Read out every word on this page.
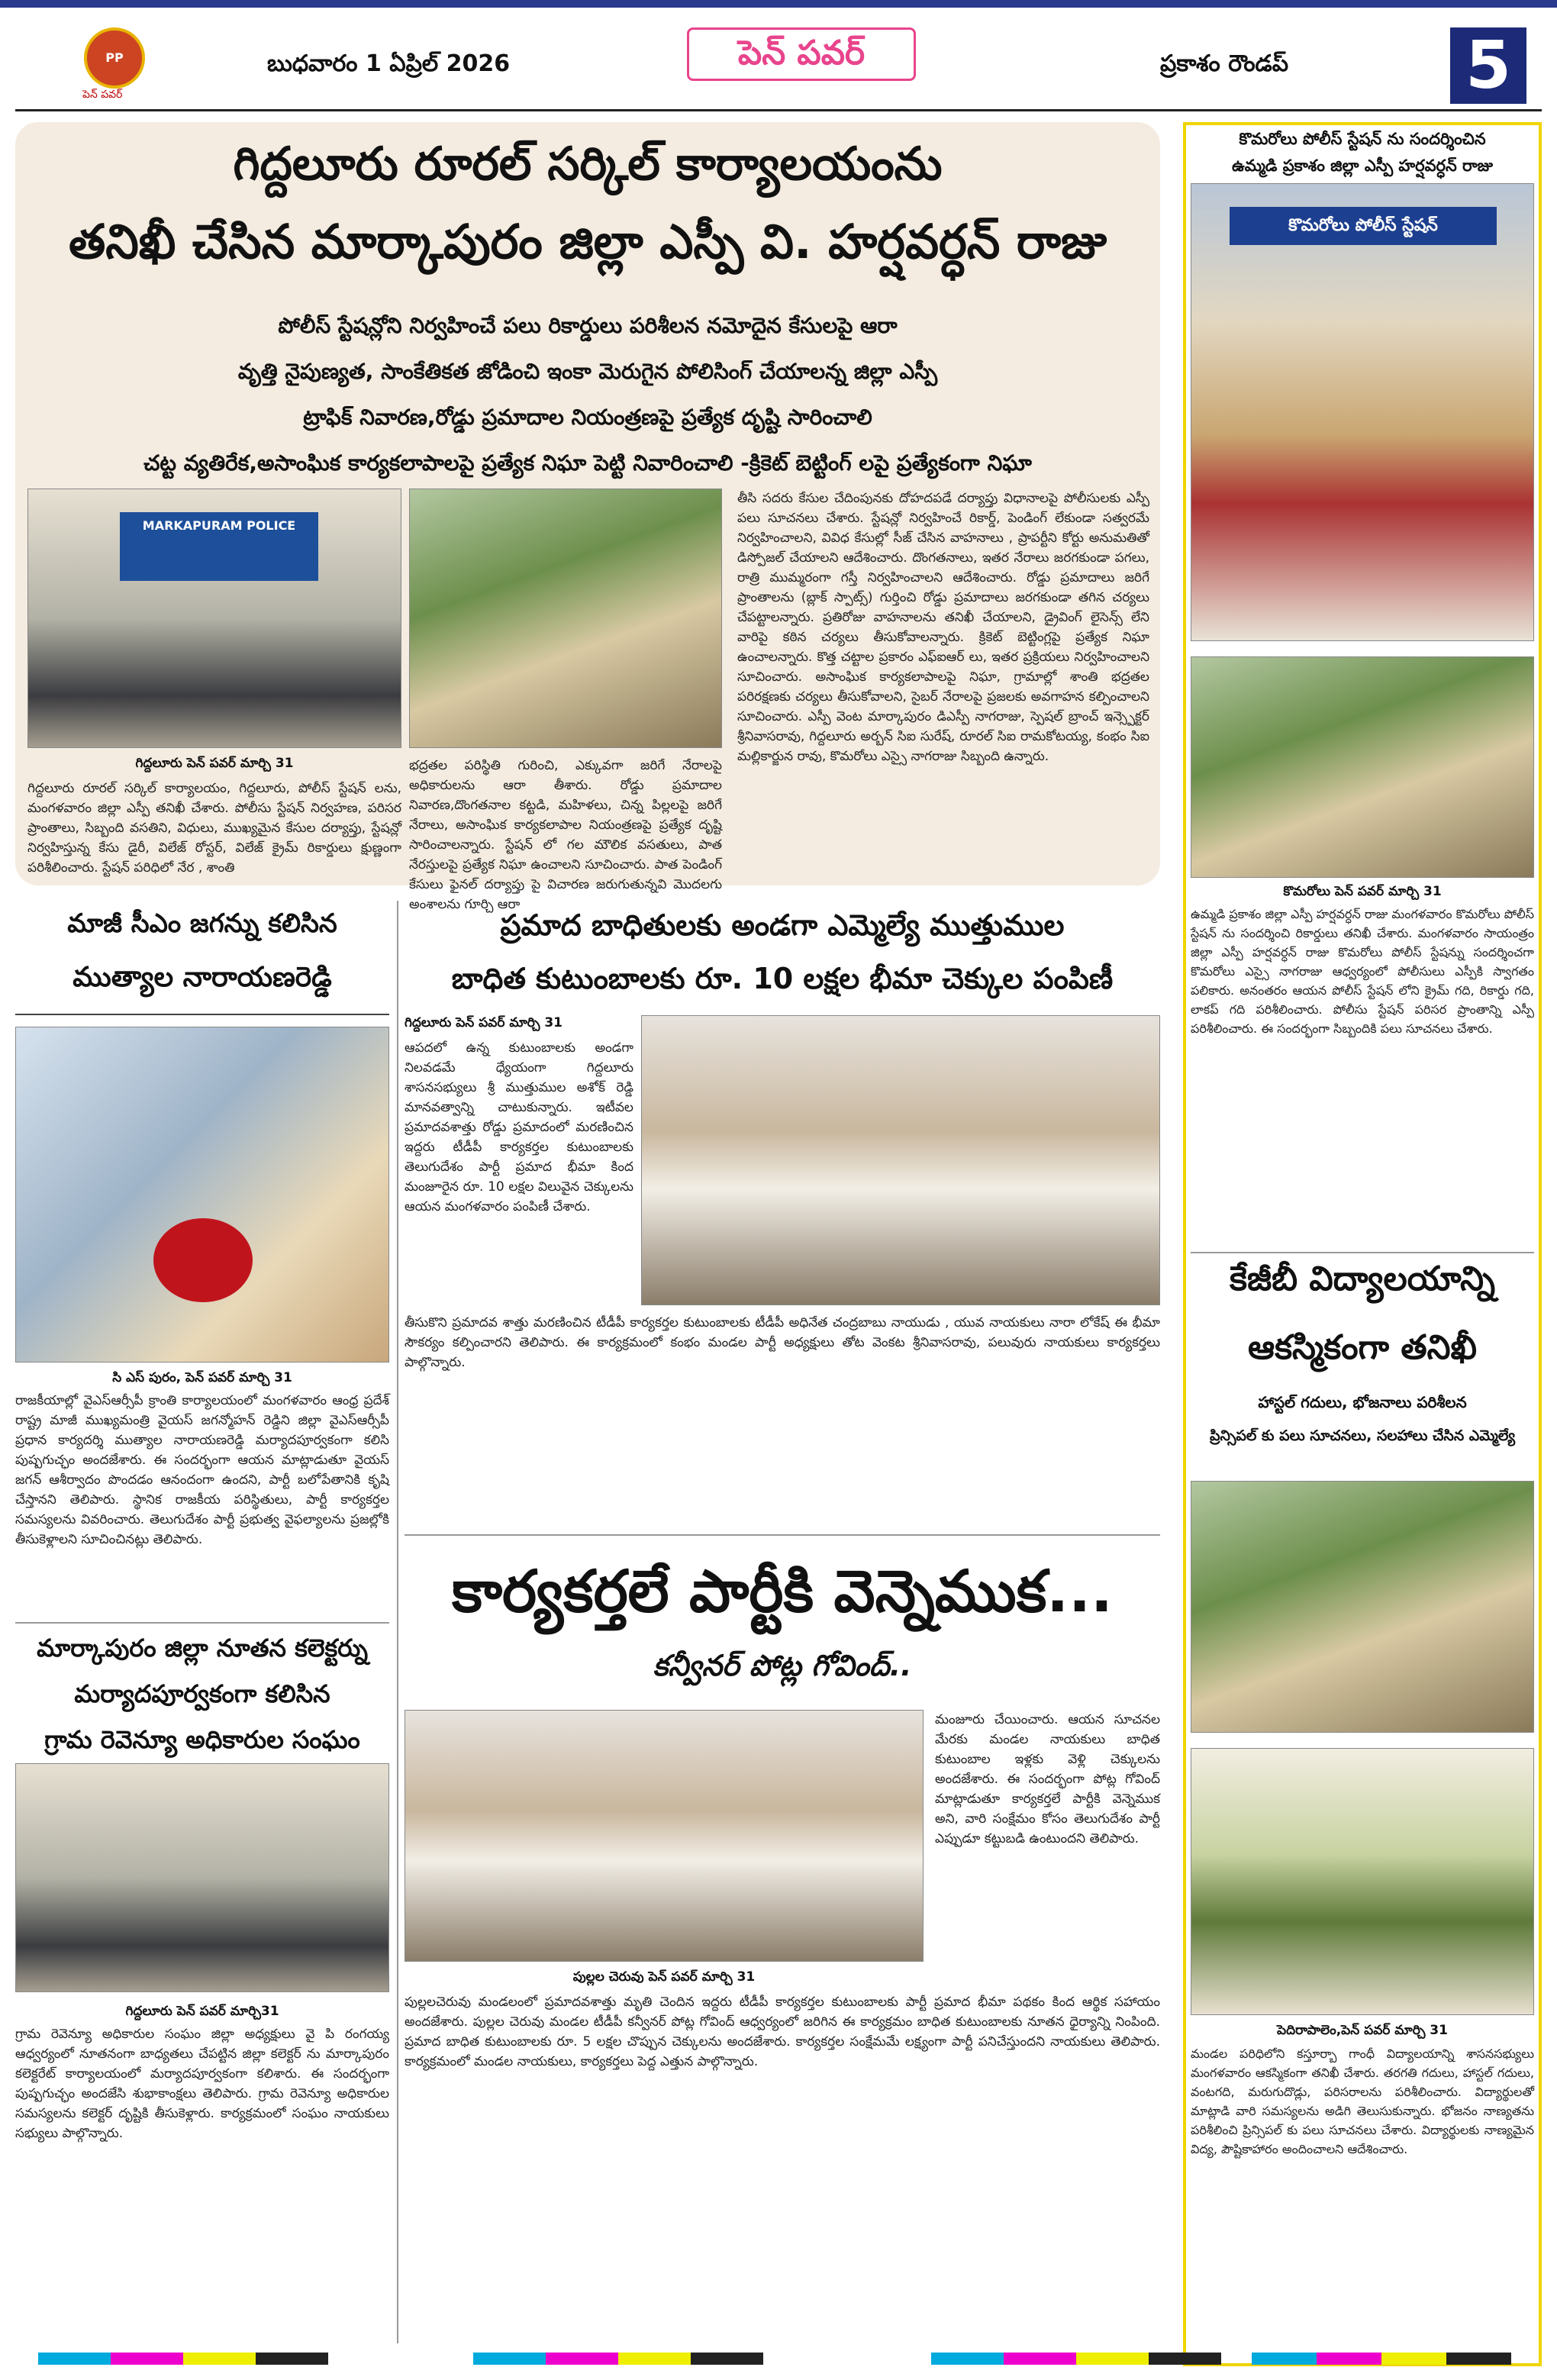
PP
పెన్ పవర్
బుధవారం 1 ఏప్రిల్ 2026	పెన్ పవర్	ప్రకాశం రౌండప్	5
గిద్దలూరు రూరల్ సర్కిల్ కార్యాలయంను
తనిఖీ చేసిన మార్కాపురం జిల్లా ఎస్పీ వి. హర్షవర్ధన్ రాజు
పోలీస్ స్టేషన్లోని నిర్వహించే పలు రికార్డులు పరిశీలన నమోదైన కేసులపై ఆరా
వృత్తి నైపుణ్యత, సాంకేతికత జోడించి ఇంకా మెరుగైన పోలిసింగ్ చేయాలన్న జిల్లా ఎస్పీ
ట్రాఫిక్ నివారణ,రోడ్డు ప్రమాదాల నియంత్రణపై ప్రత్యేక దృష్టి సారించాలి
చట్ట వ్యతిరేక,అసాంఘిక కార్యకలాపాలపై ప్రత్యేక నిఘా పెట్టి నివారించాలి -క్రికెట్ బెట్టింగ్ లపై ప్రత్యేకంగా నిఘా
MARKAPURAM POLICE
గిద్దలూరు పెన్ పవర్ మార్చి 31
గిద్దలూరు రూరల్ సర్కిల్ కార్యాలయం, గిద్దలూరు, పోలీస్ స్టేషన్ లను, మంగళవారం జిల్లా ఎస్పీ తనిఖీ చేశారు. పోలీసు స్టేషన్ నిర్వహణ, పరిసర ప్రాంతాలు, సిబ్బంది వసతిని, విధులు, ముఖ్యమైన కేసుల దర్యాప్తు, స్టేషన్లో నిర్వహిస్తున్న కేసు డైరీ, విలేజ్ రోస్టర్, విలేజ్ క్రైమ్ రికార్డులు క్షుణ్ణంగా పరిశీలించారు. స్టేషన్ పరిధిలో నేర , శాంతి
భద్రతల పరిస్థితి గురించి, ఎక్కువగా జరిగే నేరాలపై అధికారులను ఆరా తీశారు. రోడ్డు ప్రమాదాల నివారణ,దొంగతనాల కట్టడి, మహిళలు, చిన్న పిల్లలపై జరిగే నేరాలు, అసాంఘిక కార్యకలాపాల నియంత్రణపై ప్రత్యేక దృష్టి సారించాలన్నారు. స్టేషన్ లో గల మౌలిక వసతులు, పాత నేరస్తులపై ప్రత్యేక నిఘా ఉంచాలని సూచించారు. పాత పెండింగ్ కేసులు ఫైనల్ దర్యాప్తు పై విచారణ జరుగుతున్నవి మొదలగు అంశాలను గూర్చి ఆరా
తీసి సదరు కేసుల చేదింపునకు దోహదపడే దర్యాప్తు విధానాలపై పోలీసులకు ఎస్పీ పలు సూచనలు చేశారు. స్టేషన్లో నిర్వహించే రికార్డ్, పెండింగ్ లేకుండా సత్వరమే నిర్వహించాలని, వివిధ కేసుల్లో సీజ్ చేసిన వాహనాలు , ప్రాపర్టీని కోర్టు అనుమతితో డిస్పోజల్ చేయాలని ఆదేశించారు. దొంగతనాలు, ఇతర నేరాలు జరగకుండా పగలు, రాత్రి ముమ్మరంగా గస్తీ నిర్వహించాలని ఆదేశించారు. రోడ్డు ప్రమాదాలు జరిగే ప్రాంతాలను (బ్లాక్ స్పాట్స్) గుర్తించి రోడ్డు ప్రమాదాలు జరగకుండా తగిన చర్యలు చేపట్టాలన్నారు. ప్రతిరోజు వాహనాలను తనిఖీ చేయాలని, డ్రైవింగ్ లైసెన్స్ లేని వారిపై కఠిన చర్యలు తీసుకోవాలన్నారు. క్రికెట్ బెట్టింగ్లపై ప్రత్యేక నిఘా ఉంచాలన్నారు. కొత్త చట్టాల ప్రకారం ఎఫ్ఐఆర్ లు, ఇతర ప్రక్రియలు నిర్వహించాలని సూచించారు. అసాంఘిక కార్యకలాపాలపై నిఘా, గ్రామాల్లో శాంతి భద్రతల పరిరక్షణకు చర్యలు తీసుకోవాలని, సైబర్ నేరాలపై ప్రజలకు అవగాహన కల్పించాలని సూచించారు. ఎస్పీ వెంట మార్కాపురం డిఎస్పీ నాగరాజు, స్పెషల్ బ్రాంచ్ ఇన్స్పెక్టర్ శ్రీనివాసరావు, గిద్దలూరు అర్బన్ సిఐ సురేష్, రూరల్ సిఐ రామకోటయ్య, కంభం సిఐ మల్లికార్జున రావు, కొమరోలు ఎస్సై నాగరాజు సిబ్బంది ఉన్నారు.
మాజీ సీఎం జగన్ను కలిసిన
ముత్యాల నారాయణరెడ్డి
సి ఎస్ పురం, పెన్ పవర్ మార్చి 31
రాజకీయాల్లో వైఎస్ఆర్సీపీ క్రాంతి కార్యాలయంలో మంగళవారం ఆంధ్ర ప్రదేశ్ రాష్ట్ర మాజీ ముఖ్యమంత్రి వైయస్ జగన్మోహన్ రెడ్డిని జిల్లా వైఎస్ఆర్సీపీ ప్రధాన కార్యదర్శి ముత్యాల నారాయణరెడ్డి మర్యాదపూర్వకంగా కలిసి పుష్పగుచ్ఛం అందజేశారు. ఈ సందర్భంగా ఆయన మాట్లాడుతూ వైయస్ జగన్ ఆశీర్వాదం పొందడం ఆనందంగా ఉందని, పార్టీ బలోపేతానికి కృషి చేస్తానని తెలిపారు. స్థానిక రాజకీయ పరిస్థితులు, పార్టీ కార్యకర్తల సమస్యలను వివరించారు. తెలుగుదేశం పార్టీ ప్రభుత్వ వైఫల్యాలను ప్రజల్లోకి తీసుకెళ్లాలని సూచించినట్లు తెలిపారు.
మార్కాపురం జిల్లా నూతన కలెక్టర్ను
మర్యాదపూర్వకంగా కలిసిన
గ్రామ రెవెన్యూ అధికారుల సంఘం
గిద్దలూరు పెన్ పవర్ మార్చి31
గ్రామ రెవెన్యూ అధికారుల సంఘం జిల్లా అధ్యక్షులు వై పి రంగయ్య ఆధ్వర్యంలో నూతనంగా బాధ్యతలు చేపట్టిన జిల్లా కలెక్టర్ ను మార్కాపురం కలెక్టరేట్ కార్యాలయంలో మర్యాదపూర్వకంగా కలిశారు. ఈ సందర్భంగా పుష్పగుచ్ఛం అందజేసి శుభాకాంక్షలు తెలిపారు. గ్రామ రెవెన్యూ అధికారుల సమస్యలను కలెక్టర్ దృష్టికి తీసుకెళ్లారు. కార్యక్రమంలో సంఘం నాయకులు సభ్యులు పాల్గొన్నారు.
ప్రమాద బాధితులకు అండగా ఎమ్మెల్యే ముత్తుముల
బాధిత కుటుంబాలకు రూ. 10 లక్షల భీమా చెక్కుల పంపిణీ
గిద్దలూరు పెన్ పవర్ మార్చి 31
ఆపదలో ఉన్న కుటుంబాలకు అండగా నిలవడమే ధ్యేయంగా గిద్దలూరు శాసనసభ్యులు శ్రీ ముత్తుముల అశోక్ రెడ్డి మానవత్వాన్ని చాటుకున్నారు. ఇటీవల ప్రమాదవశాత్తు రోడ్డు ప్రమాదంలో మరణించిన ఇద్దరు టీడీపీ కార్యకర్తల కుటుంబాలకు తెలుగుదేశం పార్టీ ప్రమాద భీమా కింద మంజూరైన రూ. 10 లక్షల విలువైన చెక్కులను ఆయన మంగళవారం పంపిణీ చేశారు.
తీసుకొని ప్రమాదవ శాత్తు మరణించిన టీడీపీ కార్యకర్తల కుటుంబాలకు టీడీపీ అధినేత చంద్రబాబు నాయుడు , యువ నాయకులు నారా లోకేష్ ఈ భీమా సౌకర్యం కల్పించారని తెలిపారు. ఈ కార్యక్రమంలో కంభం మండల పార్టీ అధ్యక్షులు తోట వెంకట శ్రీనివాసరావు, పలువురు నాయకులు కార్యకర్తలు పాల్గొన్నారు.
కార్యకర్తలే పార్టీకి వెన్నెముక...
కన్వీనర్ పోట్ల గోవింద్..
పుల్లల చెరువు పెన్ పవర్ మార్చి 31
మంజూరు చేయించారు. ఆయన సూచనల మేరకు మండల నాయకులు బాధిత కుటుంబాల ఇళ్లకు వెళ్లి చెక్కులను అందజేశారు. ఈ సందర్భంగా పోట్ల గోవింద్ మాట్లాడుతూ కార్యకర్తలే పార్టీకి వెన్నెముక అని, వారి సంక్షేమం కోసం తెలుగుదేశం పార్టీ ఎప్పుడూ కట్టుబడి ఉంటుందని తెలిపారు.
పుల్లలచెరువు మండలంలో ప్రమాదవశాత్తు మృతి చెందిన ఇద్దరు టీడీపీ కార్యకర్తల కుటుంబాలకు పార్టీ ప్రమాద భీమా పథకం కింద ఆర్థిక సహాయం అందజేశారు. పుల్లల చెరువు మండల టీడీపీ కన్వీనర్ పోట్ల గోవింద్ ఆధ్వర్యంలో జరిగిన ఈ కార్యక్రమం బాధిత కుటుంబాలకు నూతన ధైర్యాన్ని నింపింది. ప్రమాద బాధిత కుటుంబాలకు రూ. 5 లక్షల చొప్పున చెక్కులను అందజేశారు. కార్యకర్తల సంక్షేమమే లక్ష్యంగా పార్టీ పనిచేస్తుందని నాయకులు తెలిపారు. కార్యక్రమంలో మండల నాయకులు, కార్యకర్తలు పెద్ద ఎత్తున పాల్గొన్నారు.
కొమరోలు పోలీస్ స్టేషన్ ను సందర్శించిన
ఉమ్మడి ప్రకాశం జిల్లా ఎస్పీ హర్షవర్ధన్ రాజు
కొమరోలు పోలీస్ స్టేషన్
కొమరోలు పెన్ పవర్ మార్చి 31
ఉమ్మడి ప్రకాశం జిల్లా ఎస్పీ హర్షవర్ధన్ రాజు మంగళవారం కొమరోలు పోలీస్ స్టేషన్ ను సందర్శించి రికార్డులు తనిఖీ చేశారు. మంగళవారం సాయంత్రం జిల్లా ఎస్పీ హర్షవర్ధన్ రాజు కొమరోలు పోలీస్ స్టేషన్ను సందర్శించగా కొమరోలు ఎస్సై నాగరాజు ఆధ్వర్యంలో పోలీసులు ఎస్పీకి స్వాగతం పలికారు. అనంతరం ఆయన పోలీస్ స్టేషన్ లోని క్రైమ్ గది, రికార్డు గది, లాకప్ గది పరిశీలించారు. పోలీసు స్టేషన్ పరిసర ప్రాంతాన్ని ఎస్పీ పరిశీలించారు. ఈ సందర్భంగా సిబ్బందికి పలు సూచనలు చేశారు.
కేజీబీ విద్యాలయాన్ని
ఆకస్మికంగా తనిఖీ
హాస్టల్ గదులు, భోజనాలు పరిశీలన
ప్రిన్సిపల్ కు పలు సూచనలు, సలహాలు చేసిన ఎమ్మెల్యే
పెదిరాపాలెం,పెన్ పవర్ మార్చి 31
మండల పరిధిలోని కస్తూర్బా గాంధీ విద్యాలయాన్ని శాసనసభ్యులు మంగళవారం ఆకస్మికంగా తనిఖీ చేశారు. తరగతి గదులు, హాస్టల్ గదులు, వంటగది, మరుగుదొడ్లు, పరిసరాలను పరిశీలించారు. విద్యార్థులతో మాట్లాడి వారి సమస్యలను అడిగి తెలుసుకున్నారు. భోజనం నాణ్యతను పరిశీలించి ప్రిన్సిపల్ కు పలు సూచనలు చేశారు. విద్యార్థులకు నాణ్యమైన విద్య, పౌష్టికాహారం అందించాలని ఆదేశించారు.
